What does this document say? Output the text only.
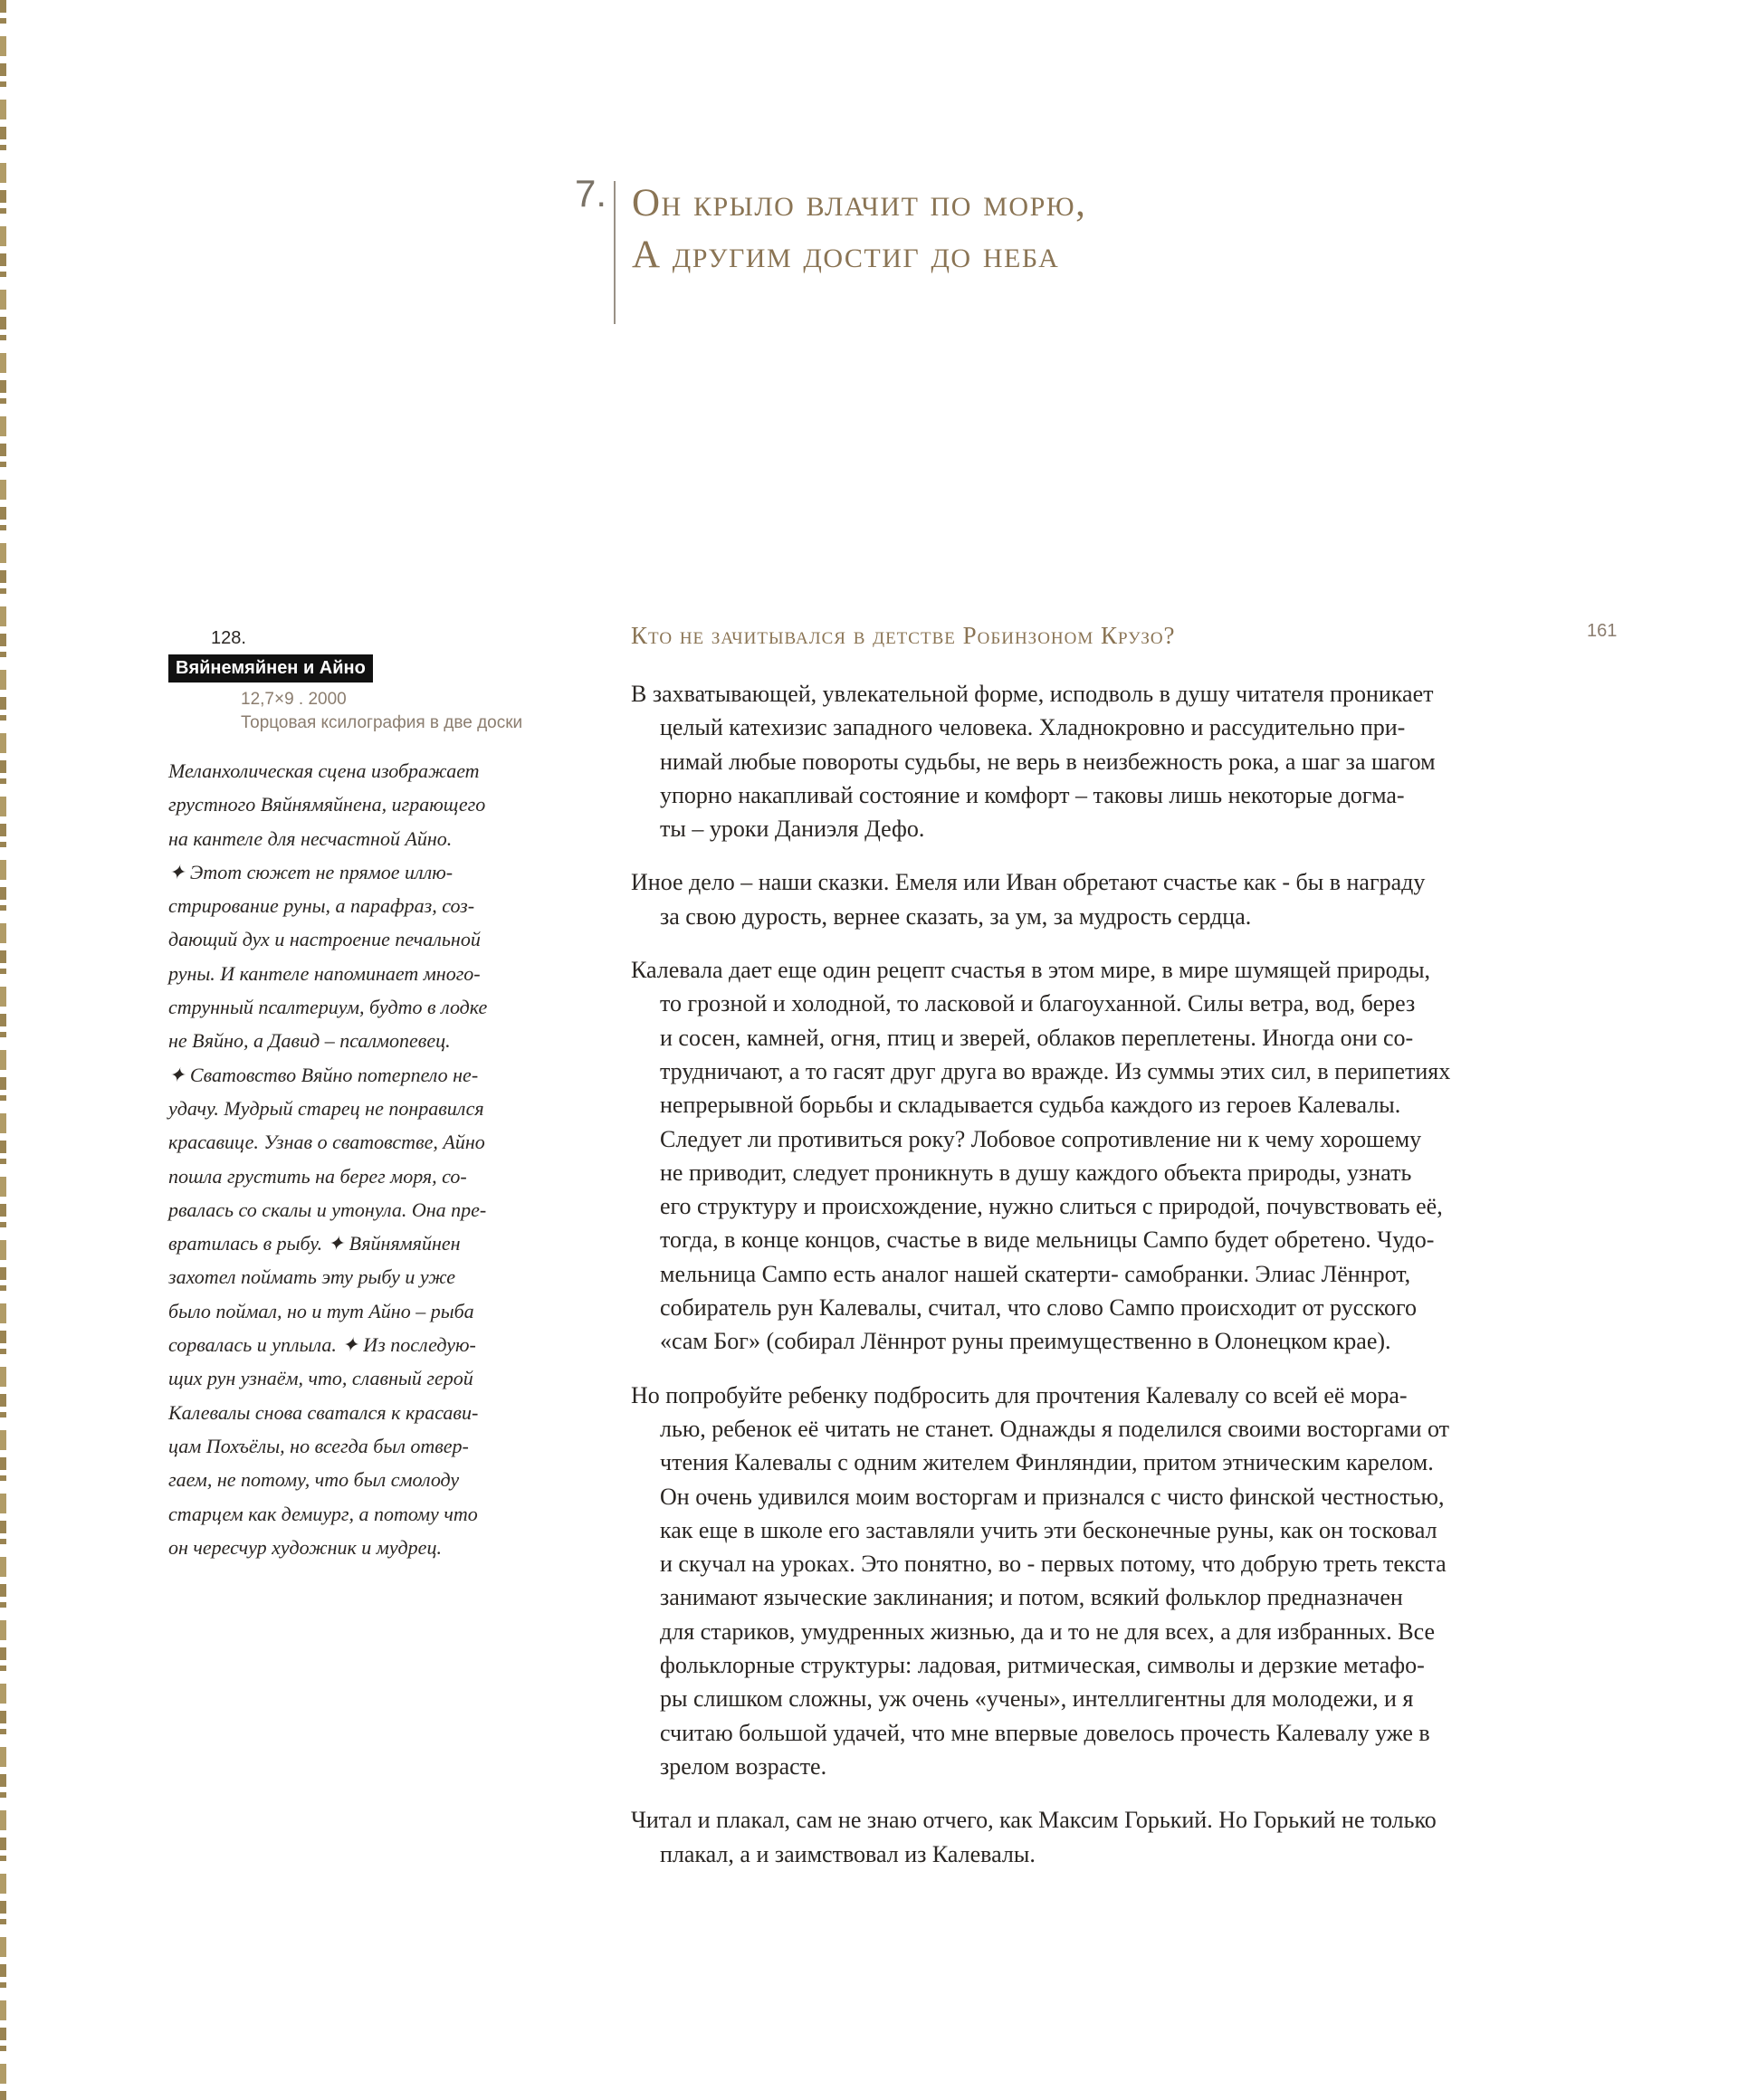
7. Он крыло влачит по морю,
А другим достиг до неба
128.
Вяйнемяйнен и Айно
12,7×9 . 2000
Торцовая ксилография в две доски
Меланхолическая сцена изображает
грустного Вяйнямяйнена, играющего
на кантеле для несчастной Айно.
✦ Этот сюжет не прямое иллю-
стрирование руны, а парафраз, соз-
дающий дух и настроение печальной
руны. И кантеле напоминает много-
струнный псалтериум, будто в лодке
не Вяйно, а Давид – псалмопевец.
✦ Сватовство Вяйно потерпело не-
удачу. Мудрый старец не понравился
красавице. Узнав о сватовстве, Айно
пошла грустить на берег моря, со-
рвалась со скалы и утонула. Она пре-
вратилась в рыбу. ✦ Вяйнямяйнен
захотел поймать эту рыбу и уже
было поймал, но и тут Айно – рыба
сорвалась и уплыла. ✦ Из последую-
щих рун узнаём, что, славный герой
Калевалы снова сватался к красави-
цам Похъёлы, но всегда был отвер-
гаем, не потому, что был смолоду
старцем как демиург, а потому что
он чересчур художник и мудрец.
161
Кто не зачитывался в детстве Робинзоном Крузо?
В захватывающей, увлекательной форме, исподволь в душу читателя проникает
целый катехизис западного человека. Хладнокровно и рассудительно при-
нимай любые повороты судьбы, не верь в неизбежность рока, а шаг за шагом
упорно накапливай состояние и комфорт – таковы лишь некоторые догма-
ты – уроки Даниэля Дефо.
Иное дело – наши сказки. Емеля или Иван обретают счастье как - бы в награду
за свою дурость, вернее сказать, за ум, за мудрость сердца.
Калевала дает еще один рецепт счастья в этом мире, в мире шумящей природы,
то грозной и холодной, то ласковой и благоуханной. Силы ветра, вод, берез
и сосен, камней, огня, птиц и зверей, облаков переплетены. Иногда они со-
трудничают, а то гасят друг друга во вражде. Из суммы этих сил, в перипетиях
непрерывной борьбы и складывается судьба каждого из героев Калевалы.
Следует ли противиться року? Лобовое сопротивление ни к чему хорошему
не приводит, следует проникнуть в душу каждого объекта природы, узнать
его структуру и происхождение, нужно слиться с природой, почувствовать её,
тогда, в конце концов, счастье в виде мельницы Сампо будет обретено. Чудо-
мельница Сампо есть аналог нашей скатерти- самобранки. Элиас Лённрот,
собиратель рун Калевалы, считал, что слово Сампо происходит от русского
«сам Бог» (собирал Лённрот руны преимущественно в Олонецком крае).
Но попробуйте ребенку подбросить для прочтения Калевалу со всей её мора-
лью, ребенок её читать не станет. Однажды я поделился своими восторгами от
чтения Калевалы с одним жителем Финляндии, притом этническим карелом.
Он очень удивился моим восторгам и признался с чисто финской честностью,
как еще в школе его заставляли учить эти бесконечные руны, как он тосковал
и скучал на уроках. Это понятно, во - первых потому, что добрую треть текста
занимают языческие заклинания; и потом, всякий фольклор предназначен
для стариков, умудренных жизнью, да и то не для всех, а для избранных. Все
фольклорные структуры: ладовая, ритмическая, символы и дерзкие метафо-
ры слишком сложны, уж очень «учены», интеллигентны для молодежи, и я
считаю большой удачей, что мне впервые довелось прочесть Калевалу уже в
зрелом возрасте.
Читал и плакал, сам не знаю отчего, как Максим Горький. Но Горький не только
плакал, а и заимствовал из Калевалы.
